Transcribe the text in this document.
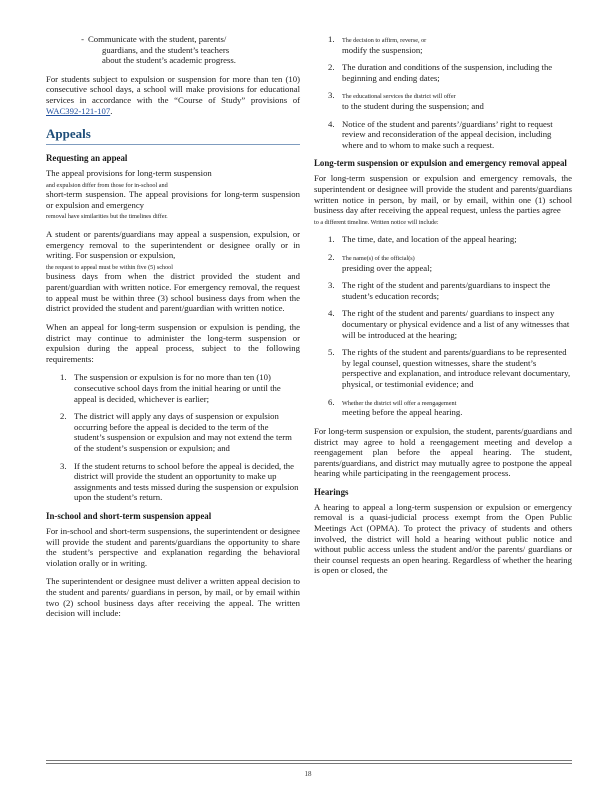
- Communicate with the student, parents/
guardians, and the student’s teachers
about the student’s academic progress.

For students subject to expulsion or suspension for more than ten (10) consecutive school days, a school will make provisions for educational services in accordance with the “Course of Study” provisions of WAC392-121-107.

Appeals
Requesting an appeal

The appeal provisions for long-term suspension
and expulsion differ from those for in-school and
short-term suspension. The appeal provisions for long-term suspension or expulsion and emergency
removal have similarities but the timelines differ.

A student or parents/guardians may appeal a suspension, expulsion, or emergency removal to the superintendent or designee orally or in writing. For suspension or expulsion,
the request to appeal must be within five (5) school
business days from when the district provided the student and parent/guardian with written notice. For emergency removal, the request to appeal must be within three (3) school business days from when the district provided the student and parent/guardian with written notice.

When an appeal for long-term suspension or expulsion is pending, the district may continue to administer the long-term suspension or expulsion during the appeal process, subject to the following requirements:

1. The suspension or expulsion is for no more than ten (10) consecutive school days from the initial hearing or until the appeal is decided, whichever is earlier;
2. The district will apply any days of suspension or expulsion occurring before the appeal is decided to the term of the student’s suspension or expulsion and may not extend the term of the student’s suspension or expulsion; and
3. If the student returns to school before the appeal is decided, the district will provide the student an opportunity to make up assignments and tests missed during the suspension or expulsion upon the student’s return.
In-school and short-term suspension appeal

For in-school and short-term suspensions, the superintendent or designee will provide the student and parents/guardians the opportunity to share the student’s perspective and explanation regarding the behavioral violation orally or in writing.

The superintendent or designee must deliver a written appeal decision to the student and parents/ guardians in person, by mail, or by email within two (2) school business days after receiving the appeal. The written decision will include:

1. The decision to affirm, reverse, or
modify the suspension;
2. The duration and conditions of the suspension, including the beginning and ending dates;
3. The educational services the district will offer
to the student during the suspension; and
4. Notice of the student and parents’/guardians’ right to request review and reconsideration of the appeal decision, including where and to whom to make such a request.
Long-term suspension or expulsion and emergency removal appeal

For long-term suspension or expulsion and emergency removals, the superintendent or designee will provide the student and parents/guardians written notice in person, by mail, or by email, within one (1) school business day after receiving the appeal request, unless the parties agree
to a different timeline. Written notice will include:

1. The time, date, and location of the appeal hearing;
2. The name(s) of the official(s)
presiding over the appeal;
3. The right of the student and parents/guardians to inspect the student’s education records;
4. The right of the student and parents/ guardians to inspect any documentary or physical evidence and a list of any witnesses that will be introduced at the hearing;
5. The rights of the student and parents/guardians to be represented by legal counsel, question witnesses, share the student’s perspective and explanation, and introduce relevant documentary, physical, or testimonial evidence; and
6. Whether the district will offer a reengagement
meeting before the appeal hearing.

For long-term suspension or expulsion, the student, parents/guardians and district may agree to hold a reengagement meeting and develop a reengagement plan before the appeal hearing. The student, parents/guardians, and district may mutually agree to postpone the appeal hearing while participating in the reengagement process.

Hearings

A hearing to appeal a long-term suspension or expulsion or emergency removal is a quasi-judicial process exempt from the Open Public Meetings Act (OPMA). To protect the privacy of students and others involved, the district will hold a hearing without public notice and without public access unless the student and/or the parents/ guardians or their counsel requests an open hearing. Regardless of whether the hearing is open or closed, the

18
